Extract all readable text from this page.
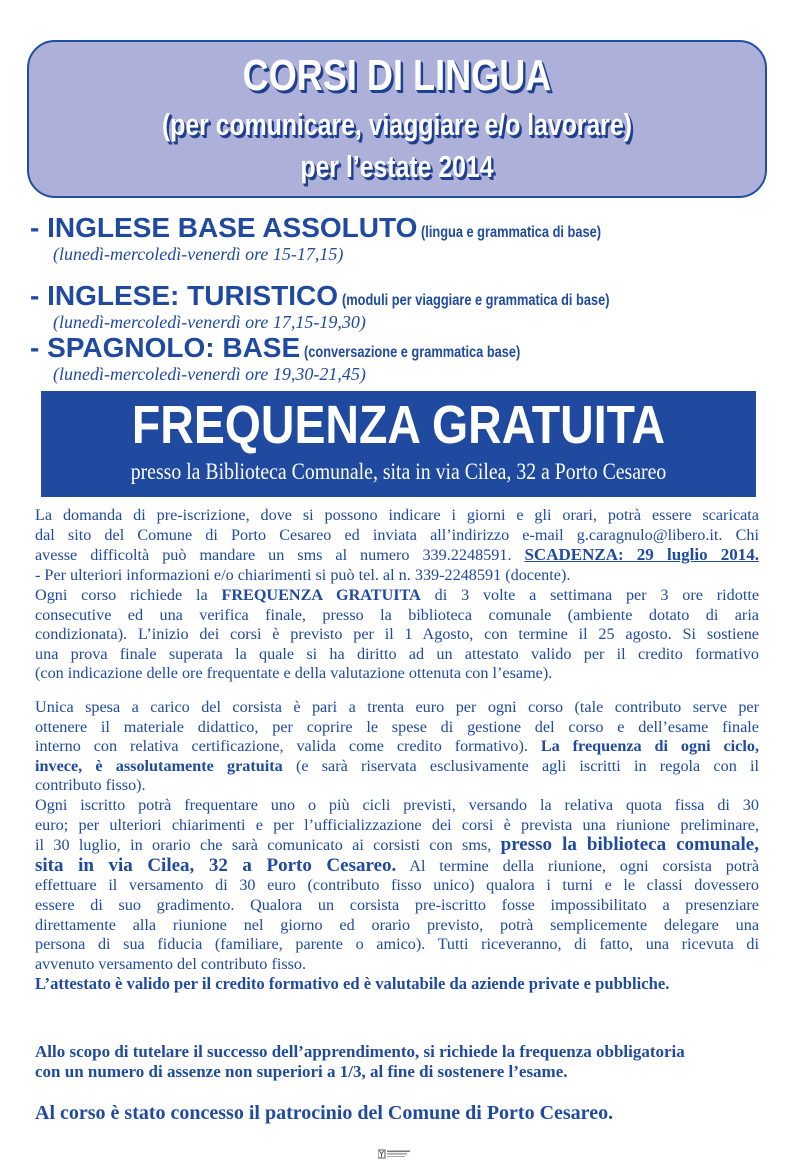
CORSI DI LINGUA
(per comunicare, viaggiare e/o lavorare)
per l’estate 2014
- INGLESE BASE ASSOLUTO (lingua e grammatica di base)
(lunedì-mercoledì-venerdì ore 15-17,15)
- INGLESE: TURISTICO (moduli per viaggiare e grammatica di base)
(lunedì-mercoledì-venerdì ore 17,15-19,30)
- SPAGNOLO: BASE (conversazione e grammatica base)
(lunedì-mercoledì-venerdì ore 19,30-21,45)
FREQUENZA GRATUITA
presso la Biblioteca Comunale, sita in via Cilea, 32 a Porto Cesareo
La domanda di pre-iscrizione, dove si possono indicare i giorni e gli orari, potrà essere scaricata
dal sito del Comune di Porto Cesareo ed inviata all’indirizzo e-mail g.caragnulo@libero.it. Chi
avesse difficoltà può mandare un sms al numero 339.2248591. SCADENZA: 29 luglio 2014.
- Per ulteriori informazioni e/o chiarimenti si può tel. al n. 339-2248591 (docente).
Ogni corso richiede la FREQUENZA GRATUITA di 3 volte a settimana per 3 ore ridotte
consecutive ed una verifica finale, presso la biblioteca comunale (ambiente dotato di aria
condizionata). L’inizio dei corsi è previsto per il 1 Agosto, con termine il 25 agosto. Si sostiene
una prova finale superata la quale si ha diritto ad un attestato valido per il credito formativo
(con indicazione delle ore frequentate e della valutazione ottenuta con l’esame).
Unica spesa a carico del corsista è pari a trenta euro per ogni corso (tale contributo serve per
ottenere il materiale didattico, per coprire le spese di gestione del corso e dell’esame finale
interno con relativa certificazione, valida come credito formativo). La frequenza di ogni ciclo,
invece, è assolutamente gratuita (e sarà riservata esclusivamente agli iscritti in regola con il
contributo fisso).
Ogni iscritto potrà frequentare uno o più cicli previsti, versando la relativa quota fissa di 30
euro; per ulteriori chiarimenti e per l’ufficializzazione dei corsi è prevista una riunione preliminare,
il 30 luglio, in orario che sarà comunicato ai corsisti con sms, presso la biblioteca comunale,
sita in via Cilea, 32 a Porto Cesareo. Al termine della riunione, ogni corsista potrà
effettuare il versamento di 30 euro (contributo fisso unico) qualora i turni e le classi dovessero
essere di suo gradimento. Qualora un corsista pre-iscritto fosse impossibilitato a presenziare
direttamente alla riunione nel giorno ed orario previsto, potrà semplicemente delegare una
persona di sua fiducia (familiare, parente o amico). Tutti riceveranno, di fatto, una ricevuta di
avvenuto versamento del contributo fisso.
L’attestato è valido per il credito formativo ed è valutabile da aziende private e pubbliche.
Allo scopo di tutelare il successo dell’apprendimento, si richiede la frequenza obbligatoria
con un numero di assenze non superiori a 1/3, al fine di sostenere l’esame.
Al corso è stato concesso il patrocinio del Comune di Porto Cesareo.
